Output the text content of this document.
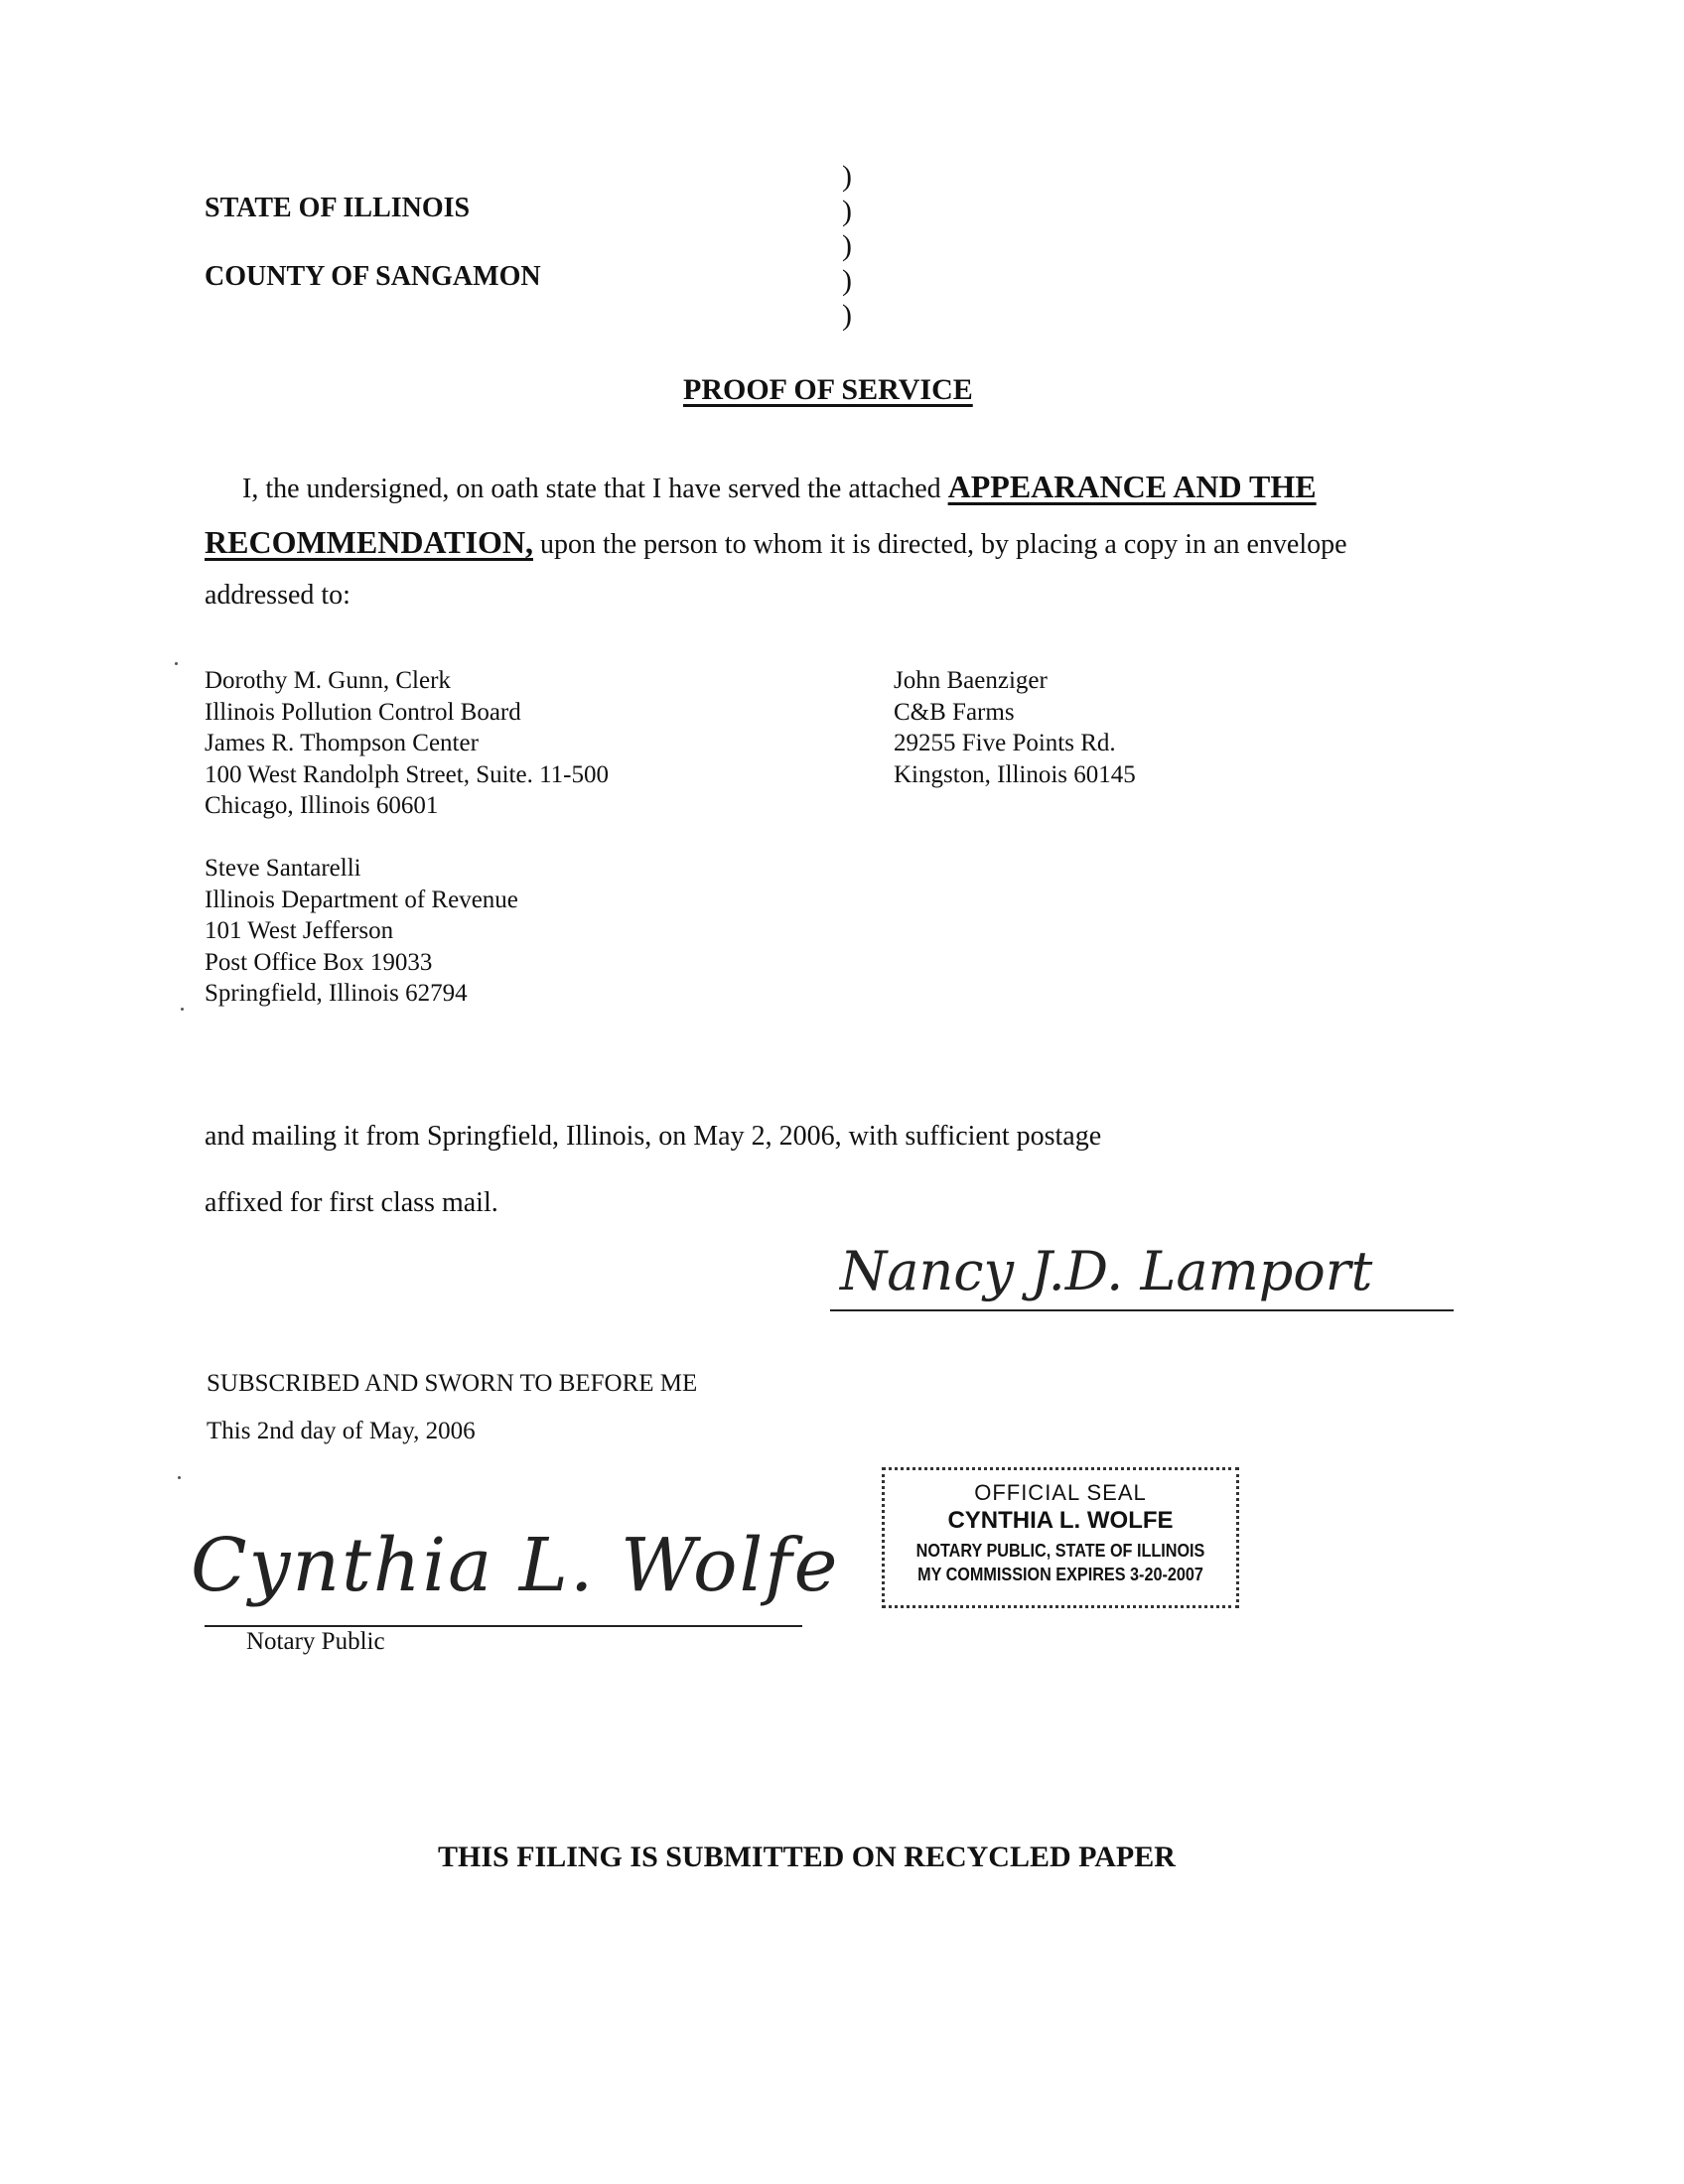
STATE OF ILLINOIS
COUNTY OF SANGAMON
)
)
)
)
)
PROOF OF SERVICE
I, the undersigned, on oath state that I have served the attached APPEARANCE AND THE
RECOMMENDATION, upon the person to whom it is directed, by placing a copy in an envelope
addressed to:
Dorothy M. Gunn, Clerk
Illinois Pollution Control Board
James R. Thompson Center
100 West Randolph Street, Suite. 11-500
Chicago, Illinois 60601
John Baenziger
C&B Farms
29255 Five Points Rd.
Kingston, Illinois 60145
Steve Santarelli
Illinois Department of Revenue
101 West Jefferson
Post Office Box 19033
Springfield, Illinois 62794
and mailing it from Springfield, Illinois, on May 2, 2006, with sufficient postage
affixed for first class mail.
Nancy J.D. Lamport
SUBSCRIBED AND SWORN TO BEFORE ME
This 2nd day of May, 2006
Cynthia L. Wolfe
Notary Public
OFFICIAL SEAL
CYNTHIA L. WOLFE
NOTARY PUBLIC, STATE OF ILLINOIS
MY COMMISSION EXPIRES 3-20-2007
THIS FILING IS SUBMITTED ON RECYCLED PAPER
